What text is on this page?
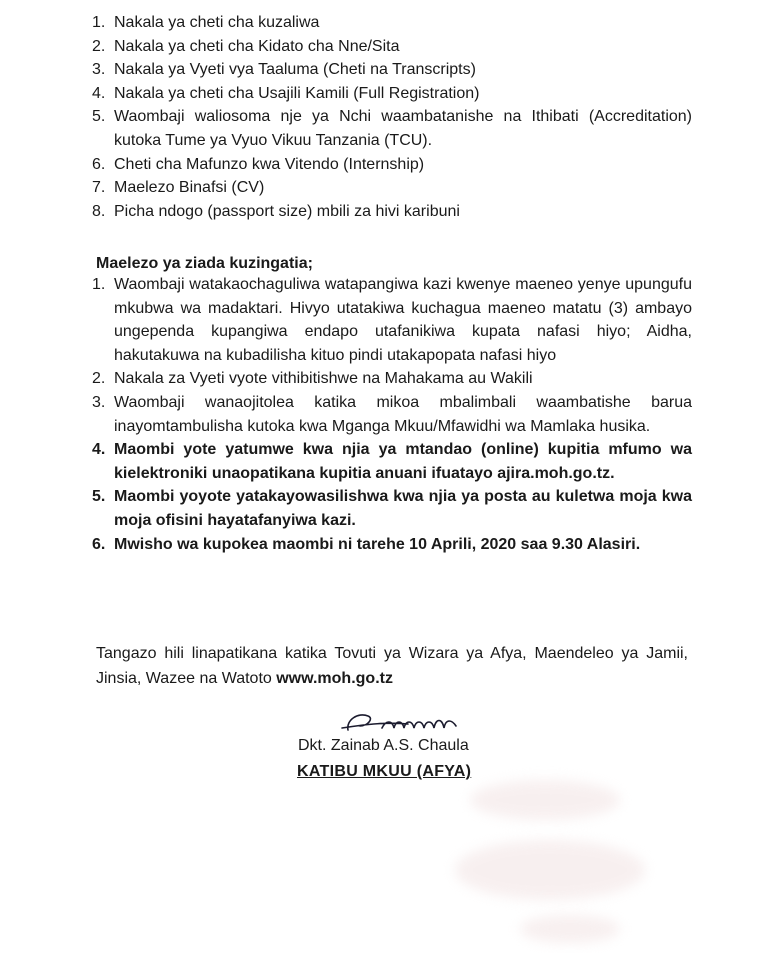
1. Nakala ya cheti cha kuzaliwa
2. Nakala ya cheti cha Kidato cha Nne/Sita
3. Nakala ya Vyeti vya Taaluma (Cheti na Transcripts)
4. Nakala ya cheti cha Usajili Kamili (Full Registration)
5. Waombaji waliosoma nje ya Nchi waambatanishe na Ithibati (Accreditation) kutoka Tume ya Vyuo Vikuu Tanzania (TCU).
6. Cheti cha Mafunzo kwa Vitendo (Internship)
7. Maelezo Binafsi (CV)
8. Picha ndogo (passport size) mbili za hivi karibuni
Maelezo ya ziada kuzingatia;
1. Waombaji watakaochaguliwa watapangiwa kazi kwenye maeneo yenye upungufu mkubwa wa madaktari. Hivyo utatakiwa kuchagua maeneo matatu (3) ambayo ungependa kupangiwa endapo utafanikiwa kupata nafasi hiyo; Aidha, hakutakuwa na kubadilisha kituo pindi utakapopata nafasi hiyo
2. Nakala za Vyeti vyote vithibitishwe na Mahakama au Wakili
3. Waombaji wanaojitolea katika mikoa mbalimbali waambatishe barua inayomtambulisha kutoka kwa Mganga Mkuu/Mfawidhi wa Mamlaka husika.
4. Maombi yote yatumwe kwa njia ya mtandao (online) kupitia mfumo wa kielektroniki unaopatikana kupitia anuani ifuatayo ajira.moh.go.tz.
5. Maombi yoyote yatakayowasilishwa kwa njia ya posta au kuletwa moja kwa moja ofisini hayatafanyiwa kazi.
6. Mwisho wa kupokea maombi ni tarehe 10 Aprili, 2020 saa 9.30 Alasiri.

Tangazo hili linapatikana katika Tovuti ya Wizara ya Afya, Maendeleo ya Jamii, Jinsia, Wazee na Watoto www.moh.go.tz

Dkt. Zainab A.S. Chaula
KATIBU MKUU (AFYA)
